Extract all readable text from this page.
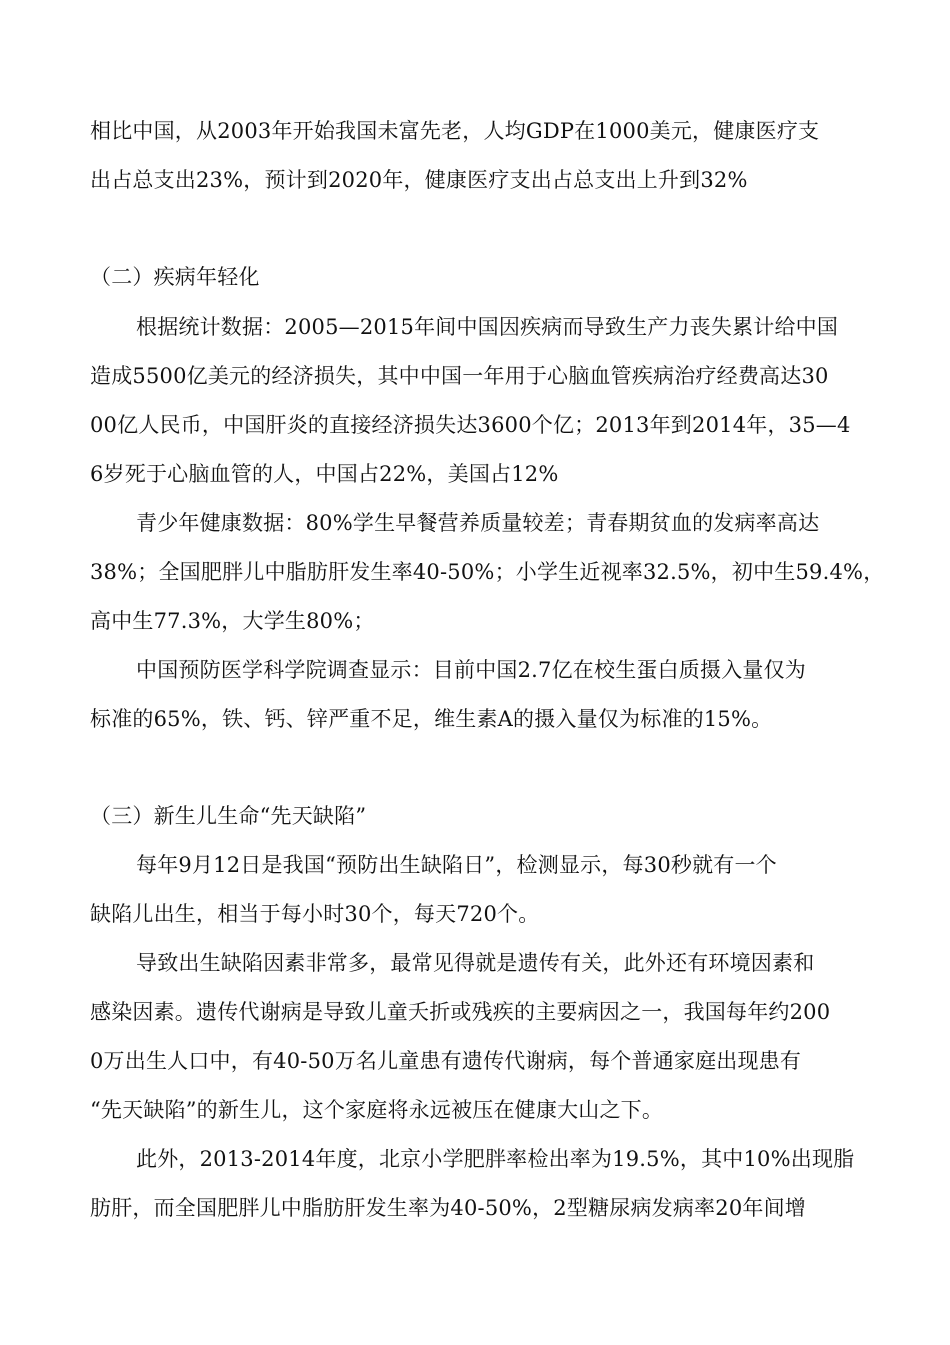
相比中国，从2003年开始我国未富先老，人均GDP在1000美元，健康医疗支
出占总支出23%，预计到2020年，健康医疗支出占总支出上升到32%
（二）疾病年轻化
根据统计数据：2005—2015年间中国因疾病而导致生产力丧失累计给中国
造成5500亿美元的经济损失，其中中国一年用于心脑血管疾病治疗经费高达30
00亿人民币，中国肝炎的直接经济损失达3600个亿；2013年到2014年，35—4
6岁死于心脑血管的人，中国占22%，美国占12%
青少年健康数据：80%学生早餐营养质量较差；青春期贫血的发病率高达
38%；全国肥胖儿中脂肪肝发生率40-50%；小学生近视率32.5%，初中生59.4%，
高中生77.3%，大学生80%；
中国预防医学科学院调查显示：目前中国2.7亿在校生蛋白质摄入量仅为
标准的65%，铁、钙、锌严重不足，维生素A的摄入量仅为标准的15%。
（三）新生儿生命“先天缺陷”
每年9月12日是我国“预防出生缺陷日”，检测显示，每30秒就有一个
缺陷儿出生，相当于每小时30个，每天720个。
导致出生缺陷因素非常多，最常见得就是遗传有关，此外还有环境因素和
感染因素。遗传代谢病是导致儿童夭折或残疾的主要病因之一，我国每年约200
0万出生人口中，有40-50万名儿童患有遗传代谢病，每个普通家庭出现患有
“先天缺陷”的新生儿，这个家庭将永远被压在健康大山之下。
此外，2013-2014年度，北京小学肥胖率检出率为19.5%，其中10%出现脂
肪肝，而全国肥胖儿中脂肪肝发生率为40-50%，2型糖尿病发病率20年间增
